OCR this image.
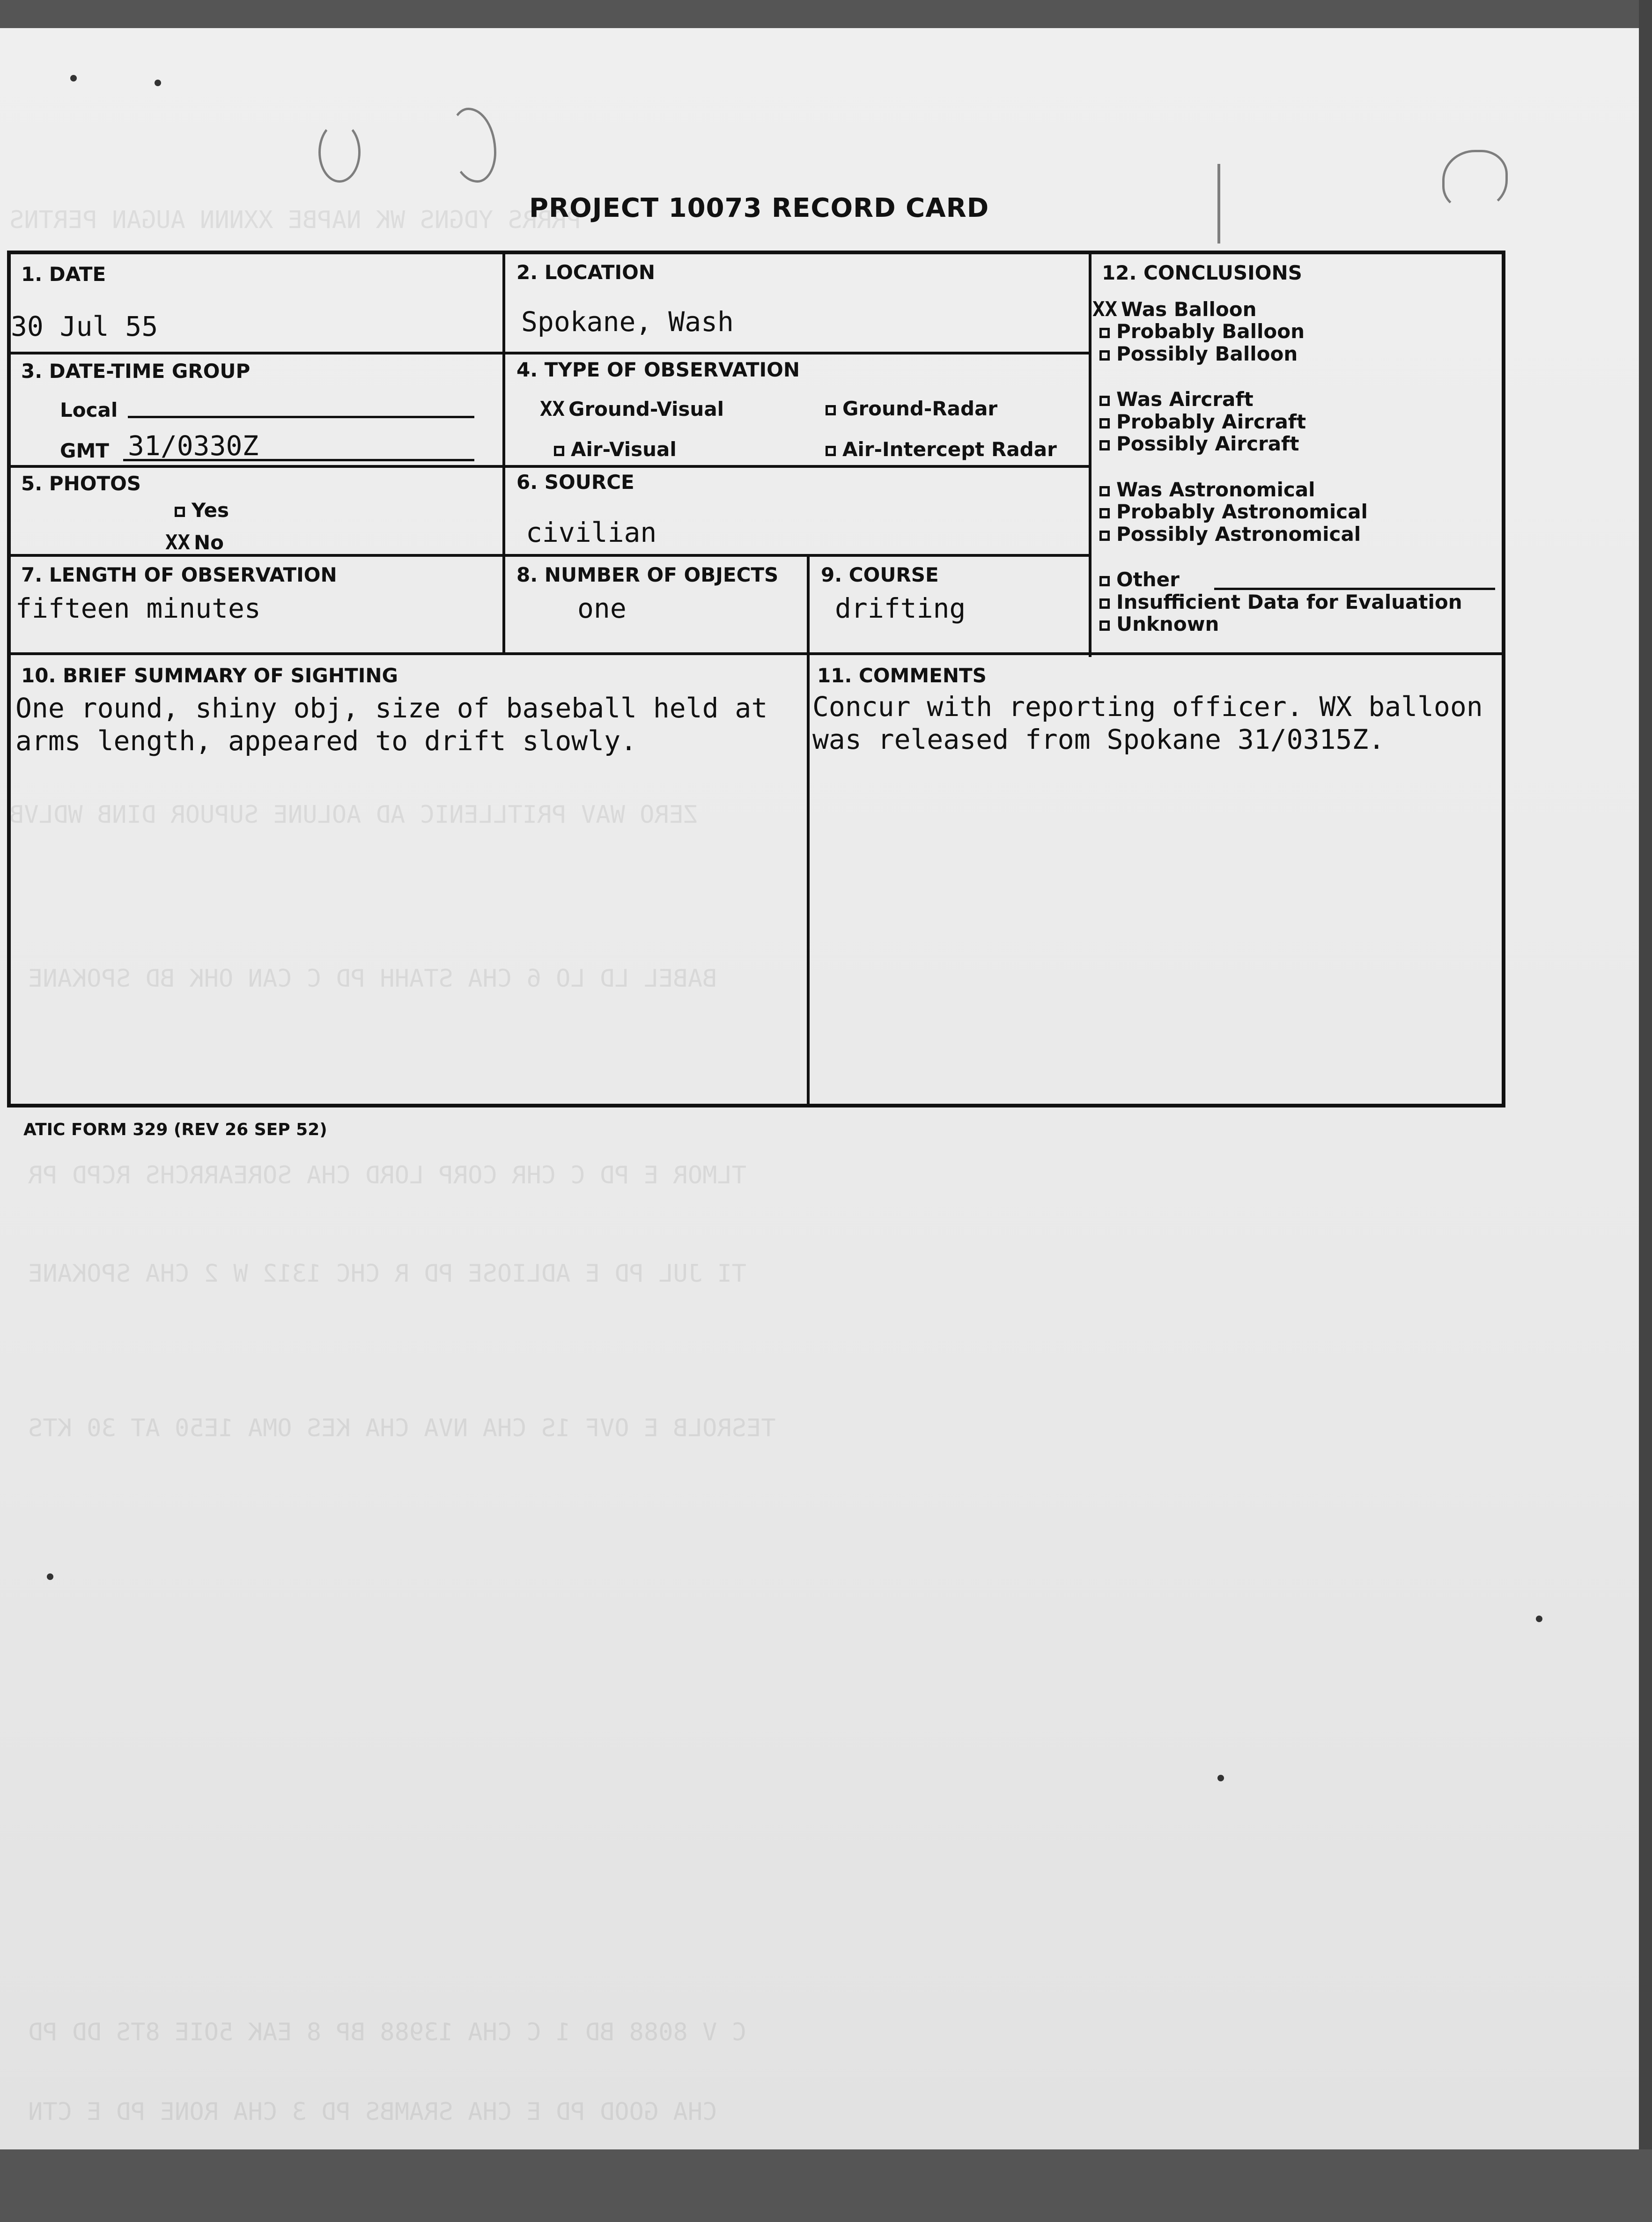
PRRRS YDGNS WK NAPBE XXNNN AUGAN PERTNS
ZERO WAV PRITLLENIC AD AOLUNE SUPUOR DINB WDLVB
BABEL LD LO 6 CHA STAHH PD C CAN OHK BD SPOKANE
TLMOR E PD C CHR CORP LORD CHA SOREARRCHS RCPD PR
TI JUL PD E ADLIOSE PD R CHC 1312 W 2 CHA SPOKANE
TESROLB E OVF 1S CHA NVA CHA KES OMA 1E50 AT 30 KTS
C V 8088 BD 1 C CHA 13988 BP 8 EAK 5OIE 8TS DD PD
CHA GOOD PD E CHA SRAMBS PD 3 CHA RONE PD E CTN
PROJECT 10073 RECORD CARD
1. DATE
30 Jul 55
2. LOCATION
Spokane, Wash
3. DATE-TIME GROUP
Local
GMT 31/0330Z
4. TYPE OF OBSERVATION
XX Ground-Visual	Ground-Radar
Air-Visual	Air-Intercept Radar
5. PHOTOS
Yes
XX No
6. SOURCE
civilian
7. LENGTH OF OBSERVATION
fifteen minutes
8. NUMBER OF OBJECTS
one
9. COURSE
drifting
10. BRIEF SUMMARY OF SIGHTING
One round, shiny obj, size of baseball held at
arms length, appeared to drift slowly.
11. COMMENTS
Concur with reporting officer. WX balloon
was released from Spokane 31/0315Z.
12. CONCLUSIONS
XX Was Balloon
Probably Balloon
Possibly Balloon
Was Aircraft
Probably Aircraft
Possibly Aircraft
Was Astronomical
Probably Astronomical
Possibly Astronomical
Other
Insufficient Data for Evaluation
Unknown
ATIC FORM 329 (REV 26 SEP 52)
